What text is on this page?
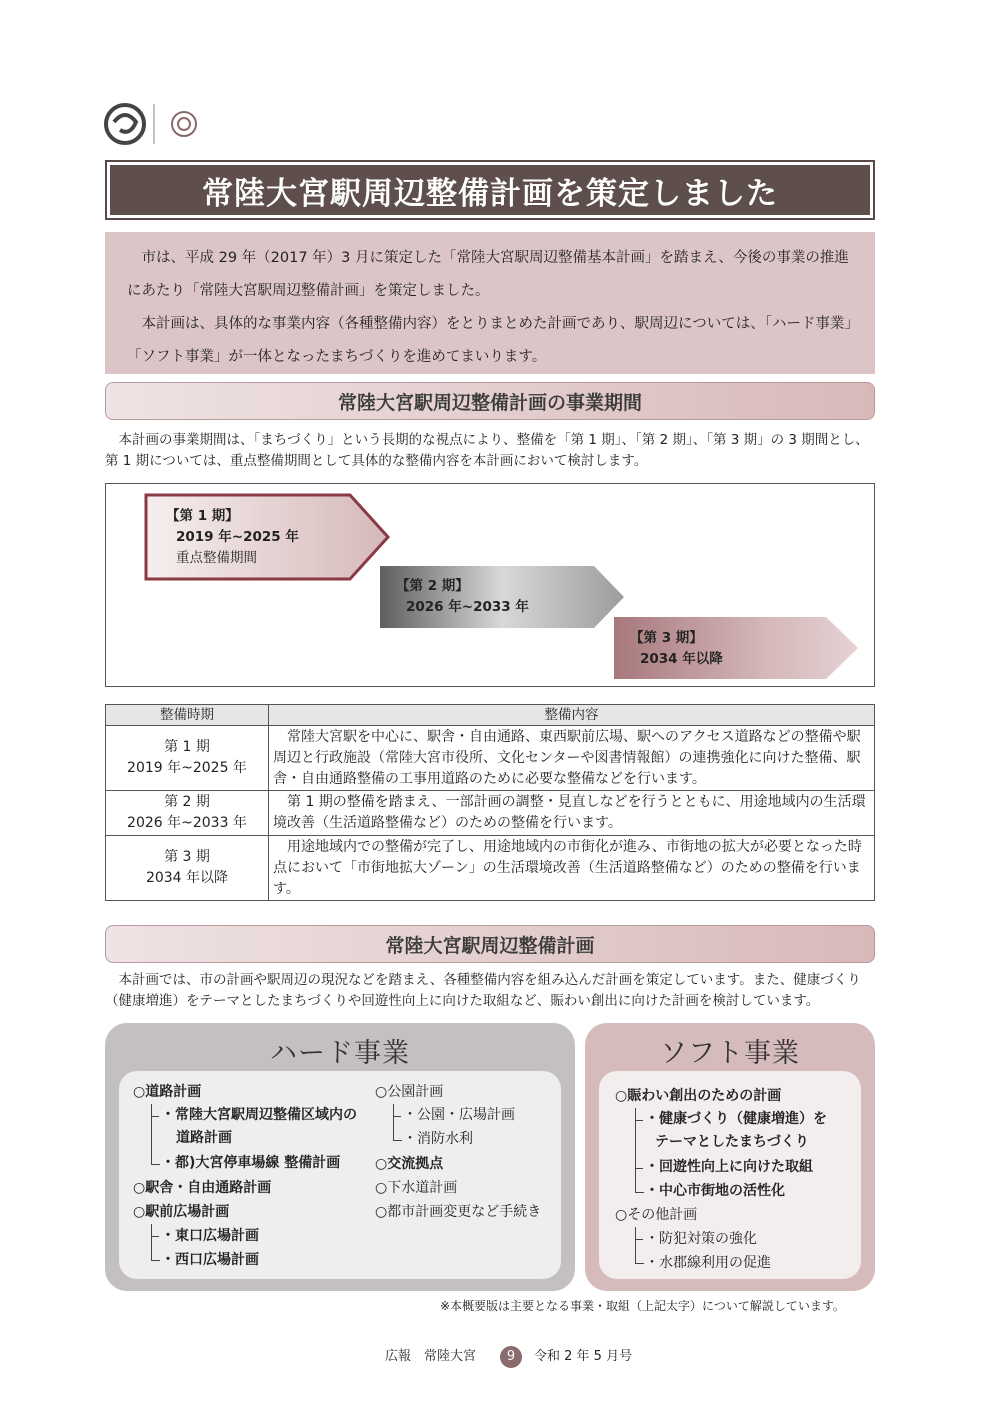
常陸大宮駅周辺整備計画を策定しました

市は、平成 29 年（2017 年）3 月に策定した「常陸大宮駅周辺整備基本計画」を踏まえ、今後の事業の推進にあたり「常陸大宮駅周辺整備計画」を策定しました。

本計画は、具体的な事業内容（各種整備内容）をとりまとめた計画であり、駅周辺については、「ハード事業」「ソフト事業」が一体となったまちづくりを進めてまいります。

常陸大宮駅周辺整備計画の事業期間

本計画の事業期間は、「まちづくり」という長期的な視点により、整備を「第 1 期」、「第 2 期」、「第 3 期」の 3 期間とし、第 1 期については、重点整備期間として具体的な整備内容を本計画において検討します。

【第 1 期】
2019 年~2025 年
重点整備期間
【第 2 期】
2026 年~2033 年
【第 3 期】
2034 年以降
整備時期	整備内容

第 1 期
2019 年~2025 年	常陸大宮駅を中心に、駅舎・自由通路、東西駅前広場、駅へのアクセス道路などの整備や駅周辺と行政施設（常陸大宮市役所、文化センターや図書情報館）の連携強化に向けた整備、駅舎・自由通路整備の工事用道路のために必要な整備などを行います。

第 2 期
2026 年~2033 年	第 1 期の整備を踏まえ、一部計画の調整・見直しなどを行うとともに、用途地域内の生活環境改善（生活道路整備など）のための整備を行います。

第 3 期
2034 年以降	用途地域内での整備が完了し、用途地域内の市街化が進み、市街地の拡大が必要となった時点において「市街地拡大ゾーン」の生活環境改善（生活道路整備など）のための整備を行います。
常陸大宮駅周辺整備計画

本計画では、市の計画や駅周辺の現況などを踏まえ、各種整備内容を組み込んだ計画を策定しています。また、健康づくり（健康増進）をテーマとしたまちづくりや回遊性向上に向けた取組など、賑わい創出に向けた計画を検討しています。

ハード事業
○道路計画
・常陸大宮駅周辺整備区域内の
道路計画
・都)大宮停車場線 整備計画
○駅舎・自由通路計画
○駅前広場計画
・東口広場計画
・西口広場計画
○公園計画
・公園・広場計画
・消防水利
○交流拠点
○下水道計画
○都市計画変更など手続き
ソフト事業
○賑わい創出のための計画
・健康づくり（健康増進）を
テーマとしたまちづくり
・回遊性向上に向けた取組
・中心市街地の活性化
○その他計画
・防犯対策の強化
・水郡線利用の促進
※本概要版は主要となる事業・取組（上記太字）について解説しています。
広報　常陸大宮	9	令和 2 年 5 月号
